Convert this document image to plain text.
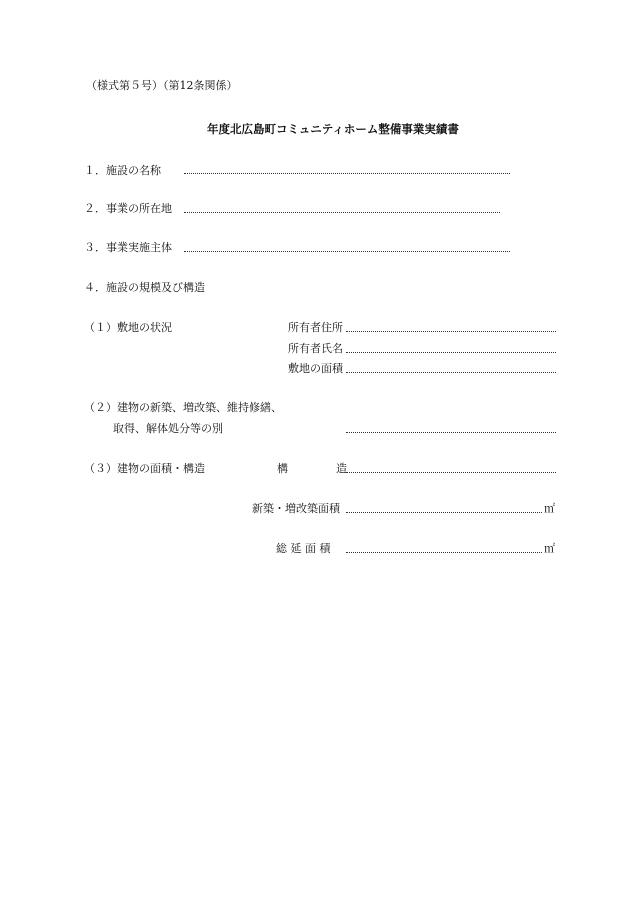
（様式第５号）（第12条関係）
年度北広島町コミュニティホーム整備事業実績書
１．施設の名称
２．事業の所在地
３．事業実施主体
４．施設の規模及び構造
（１）敷地の状況	所有者住所
所有者氏名
敷地の面積
（２）建物の新築、増改築、維持修繕、
取得、解体処分等の別
（３）建物の面積・構造	構	造
新築・増改築面積	㎡
総 延 面 積	㎡
